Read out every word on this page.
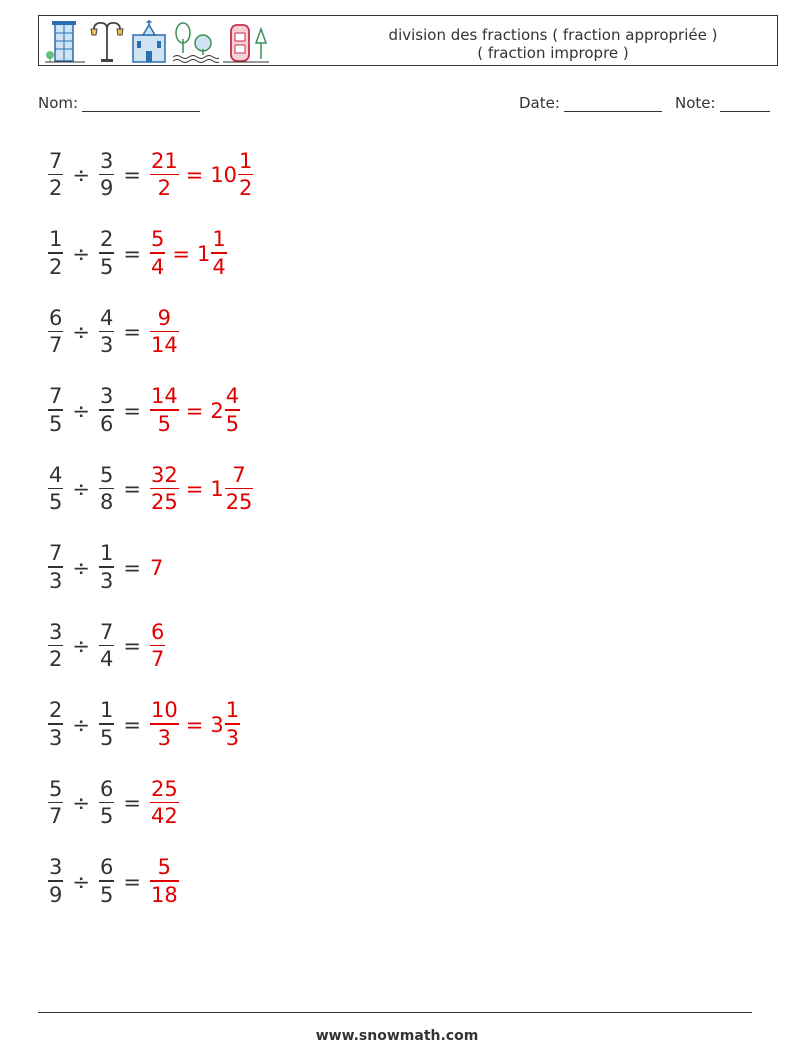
division des fractions ( fraction appropriée )
( fraction impropre )
Nom:	Date:	Note:
$\frac{7}{2} \div \frac{3}{9} = \frac{21}{2} = 10 \frac{1}{2}$
$\frac{1}{2} \div \frac{2}{5} = \frac{5}{4} = 1 \frac{1}{4}$
$\frac{6}{7} \div \frac{4}{3} = \frac{9}{14}$
$\frac{7}{5} \div \frac{3}{6} = \frac{14}{5} = 2 \frac{4}{5}$
$\frac{4}{5} \div \frac{5}{8} = \frac{32}{25} = 1 \frac{7}{25}$
$\frac{7}{3} \div \frac{1}{3} = 7$
$\frac{3}{2} \div \frac{7}{4} = \frac{6}{7}$
$\frac{2}{3} \div \frac{1}{5} = \frac{10}{3} = 3 \frac{1}{3}$
$\frac{5}{7} \div \frac{6}{5} = \frac{25}{42}$
$\frac{3}{9} \div \frac{6}{5} = \frac{5}{18}$
www.snowmath.com
